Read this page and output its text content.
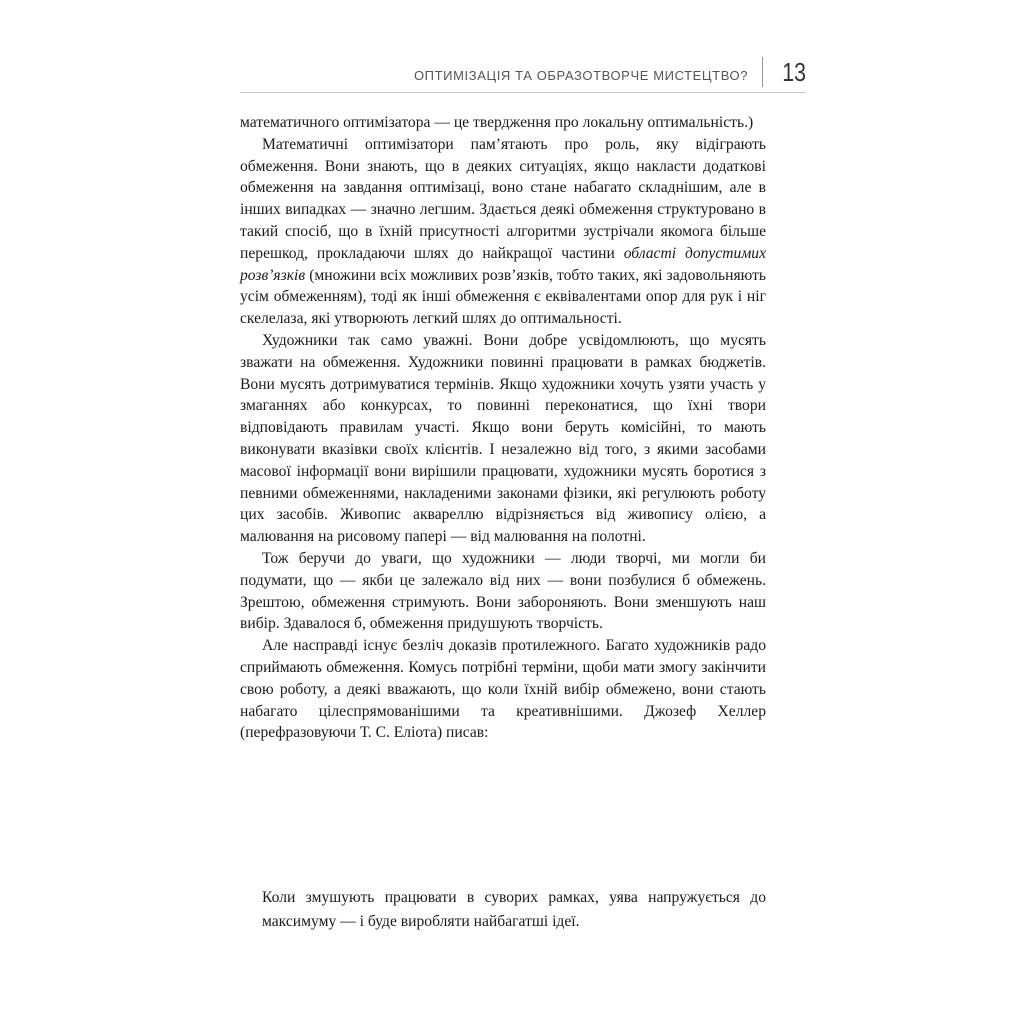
ОПТИМІЗАЦІЯ ТА ОБРАЗОТВОРЧЕ МИСТЕЦТВО? 13

математичного оптимізатора — це твердження про локальну оптимальність.)

Математичні оптимізатори пам’ятають про роль, яку відіграють обмеження. Вони знають, що в деяких ситуаціях, якщо накласти додаткові обмеження на завдання оптимізаці, воно стане набагато складнішим, але в інших випадках — значно легшим. Здається деякі обмеження структуровано в такий спосіб, що в їхній присутності алгоритми зустрічали якомога більше перешкод, прокладаючи шлях до найкращої частини області допустимих розв’язків (множини всіх можливих розв’язків, тобто таких, які задовольняють усім обмеженням), тоді як інші обмеження є еквівалентами опор для рук і ніг скелелаза, які утворюють легкий шлях до оптимальності.

Художники так само уважні. Вони добре усвідомлюють, що мусять зважати на обмеження. Художники повинні працювати в рамках бюджетів. Вони мусять дотримуватися термінів. Якщо художники хочуть узяти участь у змаганнях або конкурсах, то повинні переконатися, що їхні твори відповідають правилам участі. Якщо вони беруть комісійні, то мають виконувати вказівки своїх клієнтів. І незалежно від того, з якими засобами масової інформації вони вирішили працювати, художники мусять боротися з певними обмеженнями, накладеними законами фізики, які регулюють роботу цих засобів. Живопис аквареллю відрізняється від живопису олією, а малювання на рисовому папері — від малювання на полотні.

Тож беручи до уваги, що художники — люди творчі, ми могли би подумати, що — якби це залежало від них — вони позбулися б обмежень. Зрештою, обмеження стримують. Вони забороняють. Вони зменшують наш вибір. Здавалося б, обмеження придушують творчість.

Але насправді існує безліч доказів протилежного. Багато художників радо сприймають обмеження. Комусь потрібні терміни, щоби мати змогу закінчити свою роботу, а деякі вважають, що коли їхній вибір обмежено, вони стають набагато цілеспрямованішими та креативнішими. Джозеф Хеллер (перефразовуючи Т. С. Еліота) писав:

Коли змушують працювати в суворих рамках, уява напружується до максимуму — і буде виробляти найбагатші ідеї.
